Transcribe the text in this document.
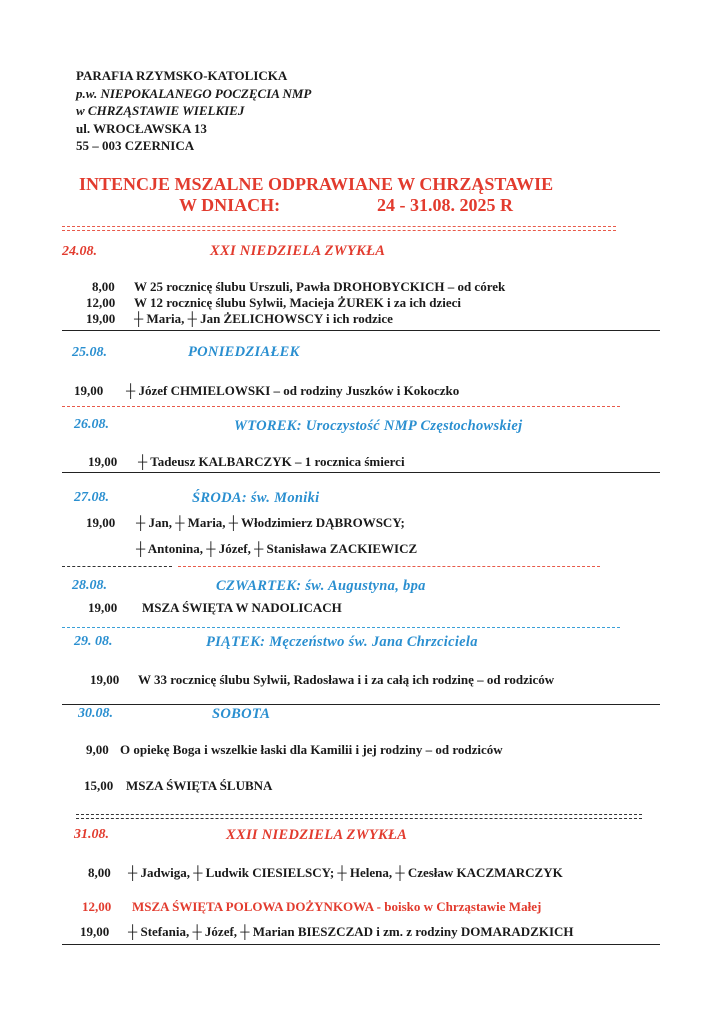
PARAFIA RZYMSKO-KATOLICKA
p.w. NIEPOKALANEGO POCZĘCIA NMP
w CHRZĄSTAWIE WIELKIEJ
ul. WROCŁAWSKA 13
55 – 003 CZERNICA
INTENCJE MSZALNE ODPRAWIANE W CHRZĄSTAWIE
W DNIACH:	24 - 31.08. 2025 R
24.08.	XXI NIEDZIELA ZWYKŁA
8,00 W 25 rocznicę ślubu Urszuli, Pawła DROHOBYCKICH – od córek
12,00 W 12 rocznicę ślubu Sylwii, Macieja ŻUREK i za ich dzieci
19,00 ┼ Maria, ┼ Jan ŻELICHOWSCY i ich rodzice
25.08.	PONIEDZIAŁEK
19,00 ┼ Józef CHMIELOWSKI – od rodziny Juszków i Kokoczko
26.08.	WTOREK: Uroczystość NMP Częstochowskiej
19,00 ┼ Tadeusz KALBARCZYK – 1 rocznica śmierci
27.08.	ŚRODA: św. Moniki
19,00 ┼ Jan, ┼ Maria, ┼ Włodzimierz DĄBROWSCY;
┼ Antonina, ┼ Józef, ┼ Stanisława ZACKIEWICZ
28.08.	CZWARTEK: św. Augustyna, bpa
19,00 MSZA ŚWIĘTA W NADOLICACH
29. 08.	PIĄTEK: Męczeństwo św. Jana Chrzciciela
19,00 W 33 rocznicę ślubu Sylwii, Radosława i i za całą ich rodzinę – od rodziców
30.08.	SOBOTA
9,00 O opiekę Boga i wszelkie łaski dla Kamilii i jej rodziny – od rodziców
15,00 MSZA ŚWIĘTA ŚLUBNA
31.08.	XXII NIEDZIELA ZWYKŁA
8,00 ┼ Jadwiga, ┼ Ludwik CIESIELSCY; ┼ Helena, ┼ Czesław KACZMARCZYK
12,00 MSZA ŚWIĘTA POLOWA DOŻYNKOWA - boisko w Chrząstawie Małej
19,00 ┼ Stefania, ┼ Józef, ┼ Marian BIESZCZAD i zm. z rodziny DOMARADZKICH
